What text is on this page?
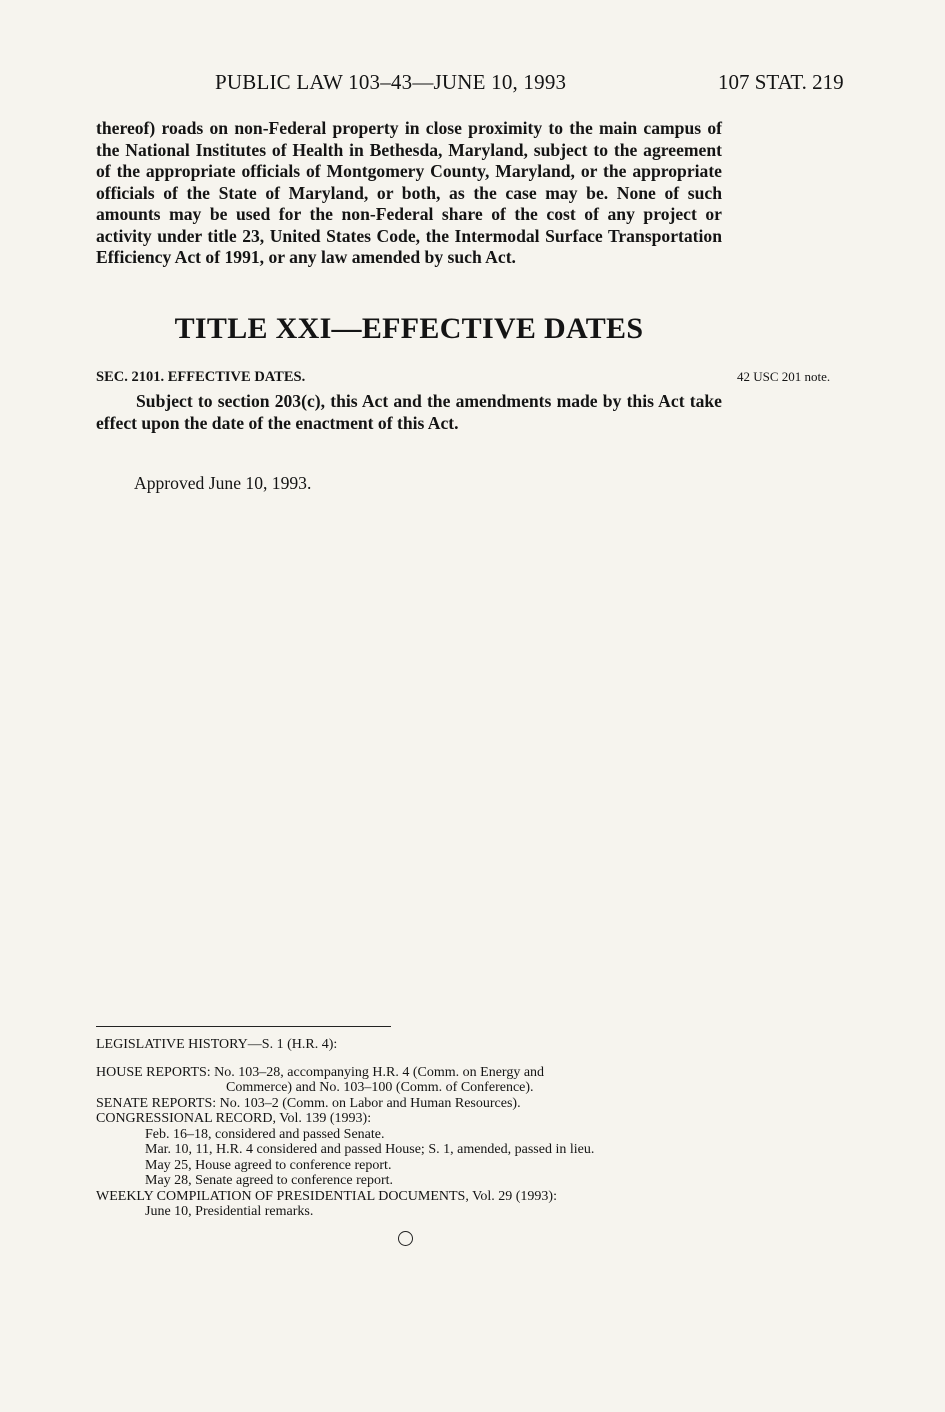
PUBLIC LAW 103–43—JUNE 10, 1993	107 STAT. 219
thereof) roads on non-Federal property in close proximity to the main campus of the National Institutes of Health in Bethesda, Maryland, subject to the agreement of the appropriate officials of Montgomery County, Maryland, or the appropriate officials of the State of Maryland, or both, as the case may be. None of such amounts may be used for the non-Federal share of the cost of any project or activity under title 23, United States Code, the Intermodal Surface Transportation Efficiency Act of 1991, or any law amended by such Act.
TITLE XXI—EFFECTIVE DATES
SEC. 2101. EFFECTIVE DATES.	42 USC 201 note.
Subject to section 203(c), this Act and the amendments made by this Act take effect upon the date of the enactment of this Act.
Approved June 10, 1993.
LEGISLATIVE HISTORY—S. 1 (H.R. 4):
HOUSE REPORTS: No. 103–28, accompanying H.R. 4 (Comm. on Energy and
Commerce) and No. 103–100 (Comm. of Conference).
SENATE REPORTS: No. 103–2 (Comm. on Labor and Human Resources).
CONGRESSIONAL RECORD, Vol. 139 (1993):
Feb. 16–18, considered and passed Senate.
Mar. 10, 11, H.R. 4 considered and passed House; S. 1, amended, passed in lieu.
May 25, House agreed to conference report.
May 28, Senate agreed to conference report.
WEEKLY COMPILATION OF PRESIDENTIAL DOCUMENTS, Vol. 29 (1993):
June 10, Presidential remarks.
